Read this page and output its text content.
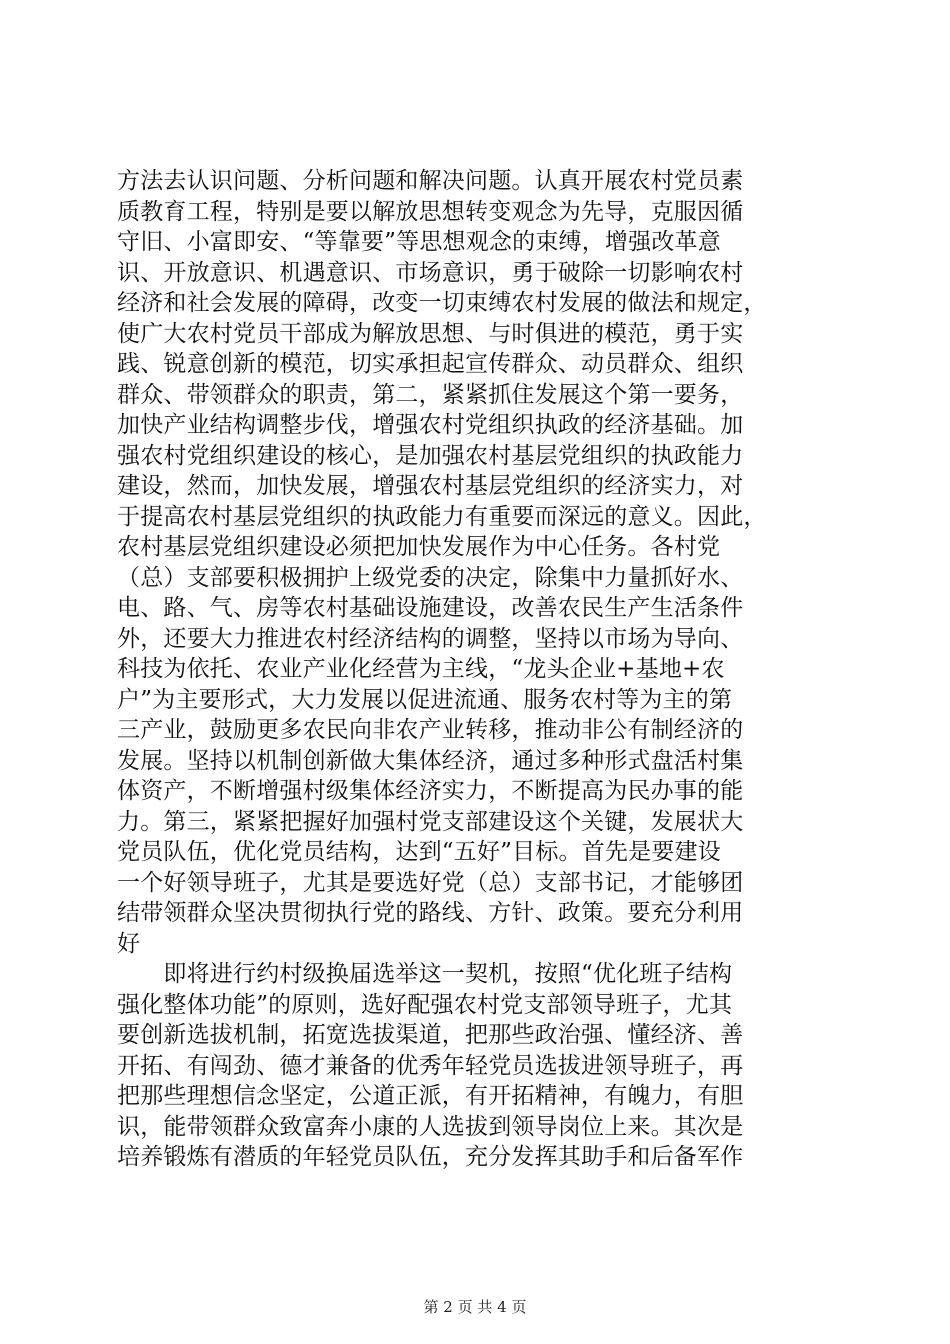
方法去认识问题、分析问题和解决问题。认真开展农村党员素
质教育工程，特别是要以解放思想转变观念为先导，克服因循
守旧、小富即安、“等靠要”等思想观念的束缚，增强改革意
识、开放意识、机遇意识、市场意识，勇于破除一切影响农村
经济和社会发展的障碍，改变一切束缚农村发展的做法和规定，
使广大农村党员干部成为解放思想、与时俱进的模范，勇于实
践、锐意创新的模范，切实承担起宣传群众、动员群众、组织
群众、带领群众的职责，第二，紧紧抓住发展这个第一要务，
加快产业结构调整步伐，增强农村党组织执政的经济基础。加
强农村党组织建设的核心，是加强农村基层党组织的执政能力
建设，然而，加快发展，增强农村基层党组织的经济实力，对
于提高农村基层党组织的执政能力有重要而深远的意义。因此，
农村基层党组织建设必须把加快发展作为中心任务。各村党
（总）支部要积极拥护上级党委的决定，除集中力量抓好水、
电、路、气、房等农村基础设施建设，改善农民生产生活条件
外，还要大力推进农村经济结构的调整，坚持以市场为导向、
科技为依托、农业产业化经营为主线，“龙头企业+基地+农
户”为主要形式，大力发展以促进流通、服务农村等为主的第
三产业，鼓励更多农民向非农产业转移，推动非公有制经济的
发展。坚持以机制创新做大集体经济，通过多种形式盘活村集
体资产，不断增强村级集体经济实力，不断提高为民办事的能
力。第三，紧紧把握好加强村党支部建设这个关键，发展状大
党员队伍，优化党员结构，达到“五好”目标。首先是要建设
一个好领导班子，尤其是要选好党（总）支部书记，才能够团
结带领群众坚决贯彻执行党的路线、方针、政策。要充分利用
好
　　即将进行约村级换届选举这一契机，按照“优化班子结构
强化整体功能”的原则，选好配强农村党支部领导班子，尤其
要创新选拔机制，拓宽选拔渠道，把那些政治强、懂经济、善
开拓、有闯劲、德才兼备的优秀年轻党员选拔进领导班子，再
把那些理想信念坚定，公道正派，有开拓精神，有魄力，有胆
识，能带领群众致富奔小康的人选拔到领导岗位上来。其次是
培养锻炼有潜质的年轻党员队伍，充分发挥其助手和后备军作
第 2 页 共 4 页
